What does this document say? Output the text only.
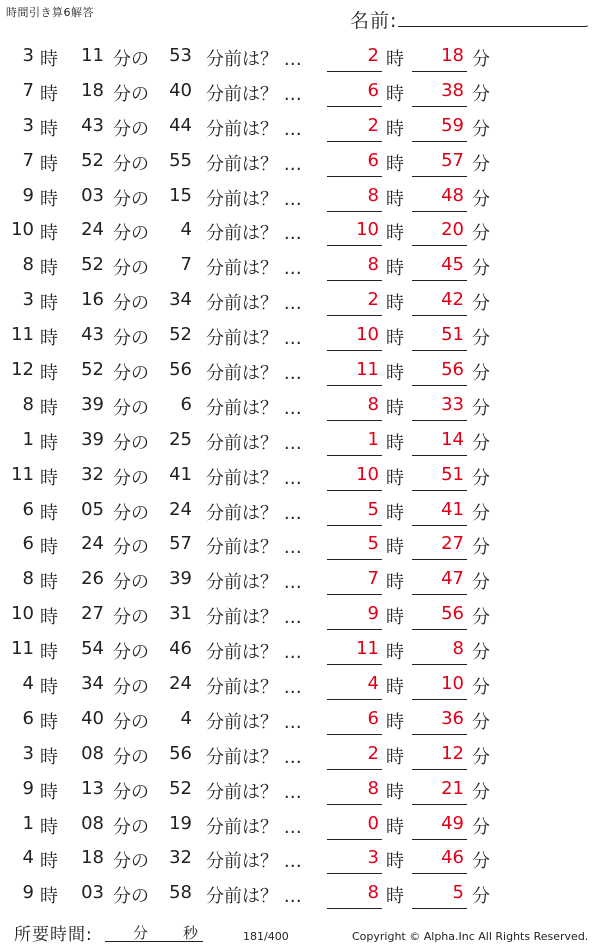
時間引き算6解答	名前:	.
3 時 11 分の 53 分前は？ …	2 時	18 分
7 時 18 分の 40 分前は？ …	6 時	38 分
3 時 43 分の 44 分前は？ …	2 時	59 分
7 時 52 分の 55 分前は？ …	6 時	57 分
9 時 03 分の 15 分前は？ …	8 時	48 分
10 時 24 分の	4 分前は？ …	10 時	20 分
8 時 52 分の	7 分前は？ …	8 時	45 分
3 時 16 分の 34 分前は？ …	2 時	42 分
11 時 43 分の 52 分前は？ …	10 時	51 分
12 時 52 分の 56 分前は？ …	11 時	56 分
8 時 39 分の	6 分前は？ …	8 時	33 分
1 時 39 分の 25 分前は？ …	1 時	14 分
11 時 32 分の 41 分前は？ …	10 時	51 分
6 時 05 分の 24 分前は？ …	5 時	41 分
6 時 24 分の 57 分前は？ …	5 時	27 分
8 時 26 分の 39 分前は？ …	7 時	47 分
10 時 27 分の 31 分前は？ …	9 時	56 分
11 時 54 分の 46 分前は？ …	11 時	8 分
4 時 34 分の 24 分前は？ …	4 時	10 分
6 時 40 分の	4 分前は？ …	6 時	36 分
3 時 08 分の 56 分前は？ …	2 時	12 分
9 時 13 分の 52 分前は？ …	8 時	21 分
1 時 08 分の 19 分前は？ …	0 時	49 分
4 時 18 分の 32 分前は？ …	3 時	46 分
9 時 03 分の 58 分前は？ …	8 時	5 分
所要時間:	分 秒	181/400	Copyright © Alpha.Inc All Rights Reserved.
